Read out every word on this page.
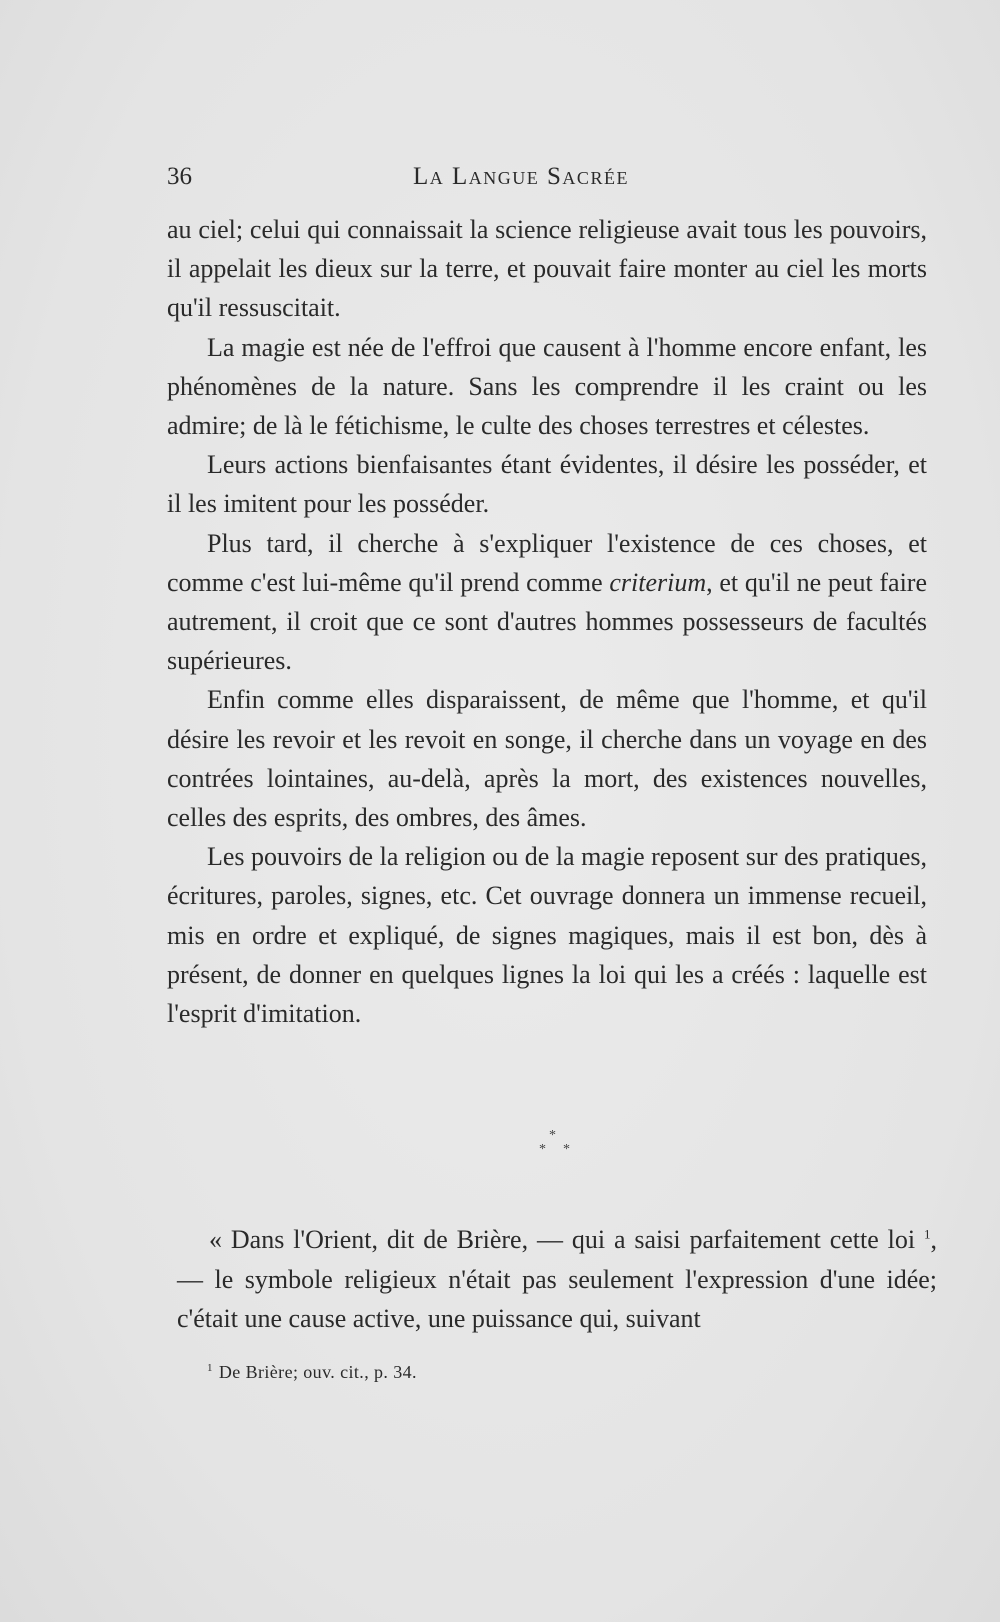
36	La Langue Sacrée

au ciel; celui qui connaissait la science religieuse avait tous les pouvoirs, il appelait les dieux sur la terre, et pouvait faire monter au ciel les morts qu'il ressuscitait.

La magie est née de l'effroi que causent à l'homme encore enfant, les phénomènes de la nature. Sans les comprendre il les craint ou les admire; de là le fétichisme, le culte des choses terrestres et célestes.

Leurs actions bienfaisantes étant évidentes, il désire les posséder, et il les imitent pour les posséder.

Plus tard, il cherche à s'expliquer l'existence de ces choses, et comme c'est lui-même qu'il prend comme criterium, et qu'il ne peut faire autrement, il croit que ce sont d'autres hommes possesseurs de facultés supérieures.

Enfin comme elles disparaissent, de même que l'homme, et qu'il désire les revoir et les revoit en songe, il cherche dans un voyage en des contrées lointaines, au-delà, après la mort, des existences nouvelles, celles des esprits, des ombres, des âmes.

Les pouvoirs de la religion ou de la magie reposent sur des pratiques, écritures, paroles, signes, etc. Cet ouvrage donnera un immense recueil, mis en ordre et expliqué, de signes magiques, mais il est bon, dès à présent, de donner en quelques lignes la loi qui les a créés : laquelle est l'esprit d'imitation.

*
* *

« Dans l'Orient, dit de Brière, — qui a saisi parfaitement cette loi $^1$, — le symbole religieux n'était pas seulement l'expression d'une idée; c'était une cause active, une puissance qui, suivant

$^1$ De Brière; ouv. cit., p. 34.
